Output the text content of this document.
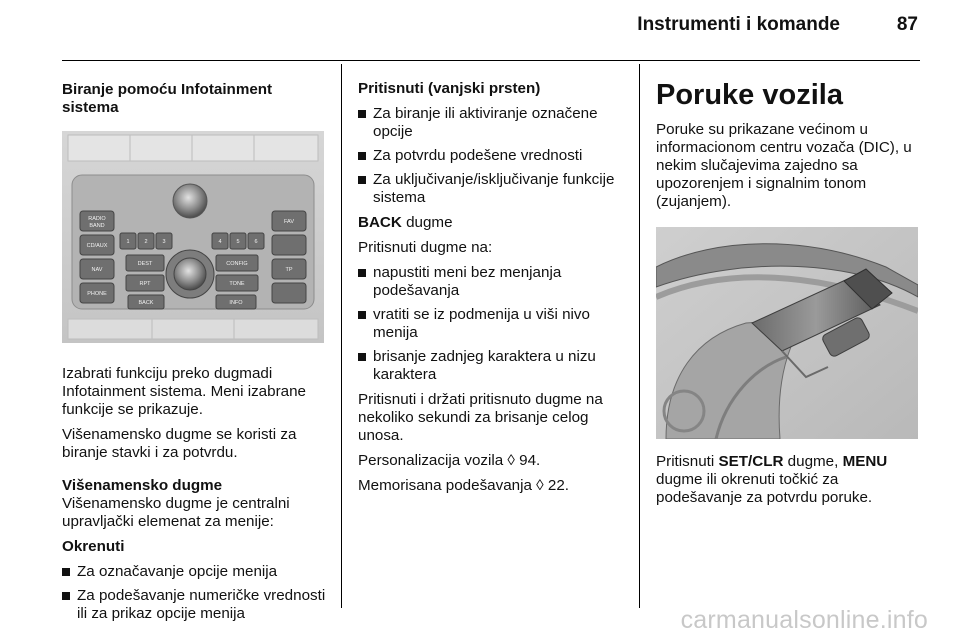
Instrumenti i komande	87
Biranje pomoću Infotainment sistema
RADIO
BAND
CD/AUX
NAV
PHONE
FAV
TP
DEST	CONFIG
RPT	TONE
BACK	INFO
1	2	3	4	5	6

Izabrati funkciju preko dugmadi Infotainment sistema. Meni izabrane funkcije se prikazuje.

Višenamensko dugme se koristi za biranje stavki i za potvrdu.

Višenamensko dugme

Višenamensko dugme je centralni upravljački elemenat za menije:

Okrenuti

Za označavanje opcije menija
Za podešavanje numeričke vrednosti ili za prikaz opcije menija

Pritisnuti (vanjski prsten)

Za biranje ili aktiviranje označene opcije
Za potvrdu podešene vrednosti
Za uključivanje/isključivanje funkcije sistema

BACK dugme

Pritisnuti dugme na:

napustiti meni bez menjanja podešavanja
vratiti se iz podmenija u viši nivo menija
brisanje zadnjeg karaktera u nizu karaktera

Pritisnuti i držati pritisnuto dugme na nekoliko sekundi za brisanje celog unosa.

Personalizacija vozila ◊ 94.

Memorisana podešavanja ◊ 22.

Poruke vozila

Poruke su prikazane većinom u informacionom centru vozača (DIC), u nekim slučajevima zajedno sa upozorenjem i signalnim tonom (zujanjem).

Pritisnuti SET/CLR dugme, MENU dugme ili okrenuti točkić za podešavanje za potvrdu poruke.

carmanualsonline.info
